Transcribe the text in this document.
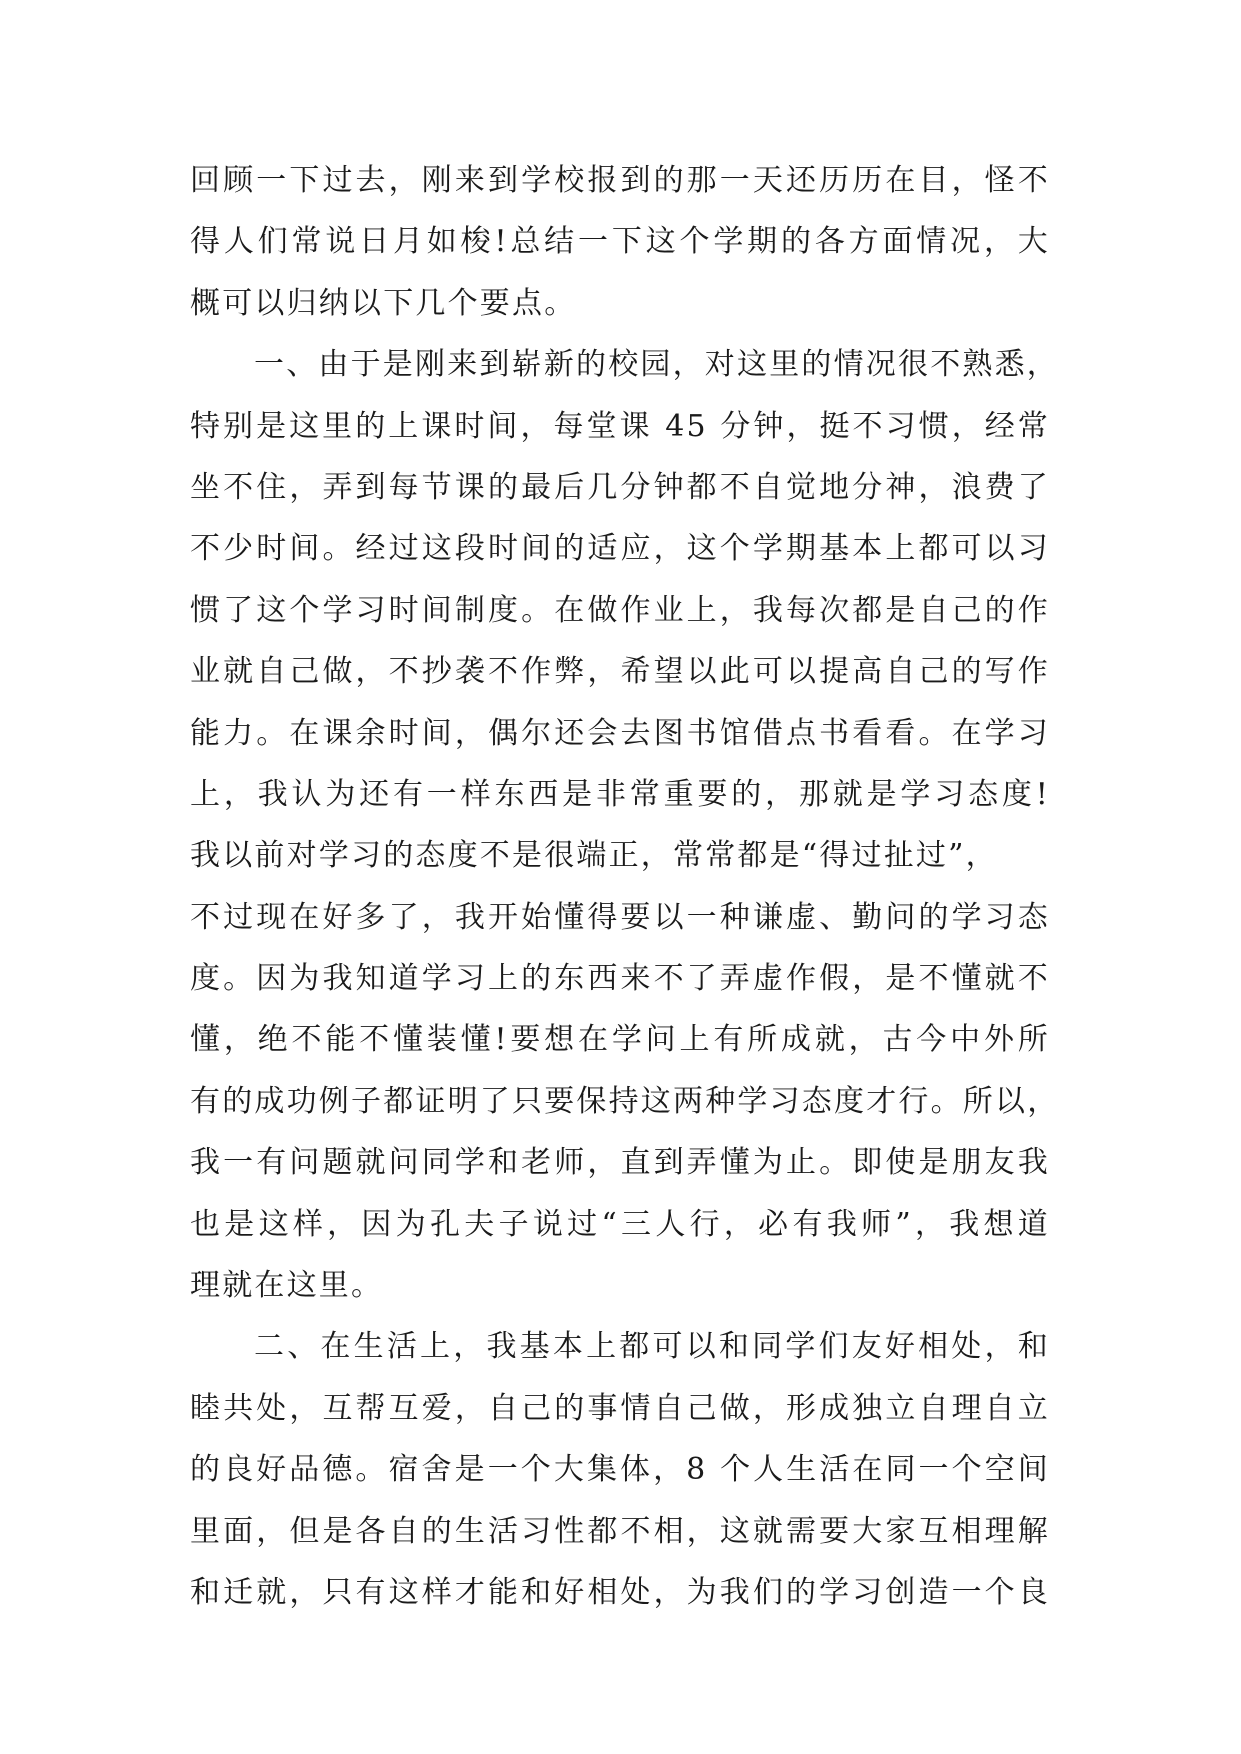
回顾一下过去，刚来到学校报到的那一天还历历在目，怪不
得人们常说日月如梭!总结一下这个学期的各方面情况，大
概可以归纳以下几个要点。
一、由于是刚来到崭新的校园，对这里的情况很不熟悉，
特别是这里的上课时间，每堂课 45 分钟，挺不习惯，经常
坐不住，弄到每节课的最后几分钟都不自觉地分神，浪费了
不少时间。经过这段时间的适应，这个学期基本上都可以习
惯了这个学习时间制度。在做作业上，我每次都是自己的作
业就自己做，不抄袭不作弊，希望以此可以提高自己的写作
能力。在课余时间，偶尔还会去图书馆借点书看看。在学习
上，我认为还有一样东西是非常重要的，那就是学习态度!
我以前对学习的态度不是很端正，常常都是“得过扯过”，
不过现在好多了，我开始懂得要以一种谦虚、勤问的学习态
度。因为我知道学习上的东西来不了弄虚作假，是不懂就不
懂，绝不能不懂装懂!要想在学问上有所成就，古今中外所
有的成功例子都证明了只要保持这两种学习态度才行。所以，
我一有问题就问同学和老师，直到弄懂为止。即使是朋友我
也是这样，因为孔夫子说过“三人行，必有我师”，我想道
理就在这里。
二、在生活上，我基本上都可以和同学们友好相处，和
睦共处，互帮互爱，自己的事情自己做，形成独立自理自立
的良好品德。宿舍是一个大集体，8 个人生活在同一个空间
里面，但是各自的生活习性都不相，这就需要大家互相理解
和迁就，只有这样才能和好相处，为我们的学习创造一个良
